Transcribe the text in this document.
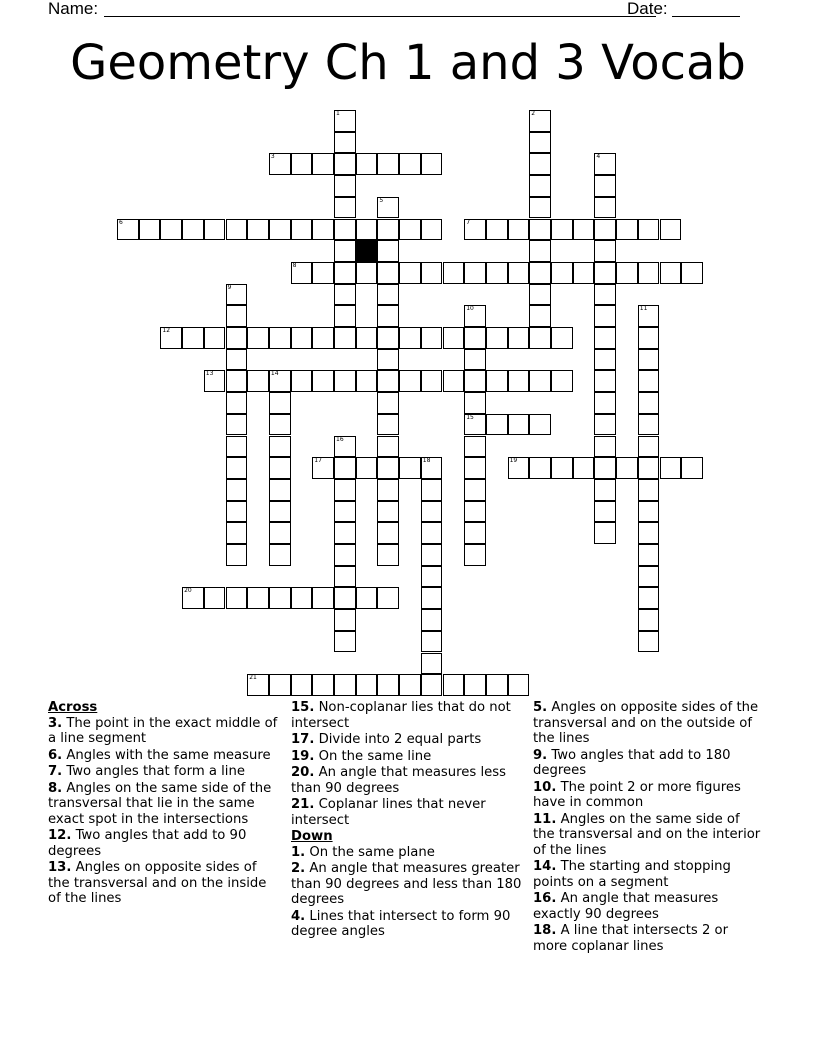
Name:	Date:
Geometry Ch 1 and 3 Vocab
1	2
3	4
5
6	7
8
9
10
15
11
12
13	14
16
17	18	19
20
21
Across
3. The point in the exact middle of a line segment
6. Angles with the same measure
7. Two angles that form a line
8. Angles on the same side of the transversal that lie in the same exact spot in the intersections
12. Two angles that add to 90 degrees
13. Angles on opposite sides of the transversal and on the inside of the lines
15. Non-coplanar lies that do not intersect
17. Divide into 2 equal parts
19. On the same line
20. An angle that measures less than 90 degrees
21. Coplanar lines that never intersect
Down
1. On the same plane
2. An angle that measures greater than 90 degrees and less than 180 degrees
4. Lines that intersect to form 90 degree angles
5. Angles on opposite sides of the transversal and on the outside of the lines
9. Two angles that add to 180 degrees
10. The point 2 or more figures have in common
11. Angles on the same side of the transversal and on the interior of the lines
14. The starting and stopping points on a segment
16. An angle that measures exactly 90 degrees
18. A line that intersects 2 or more coplanar lines
